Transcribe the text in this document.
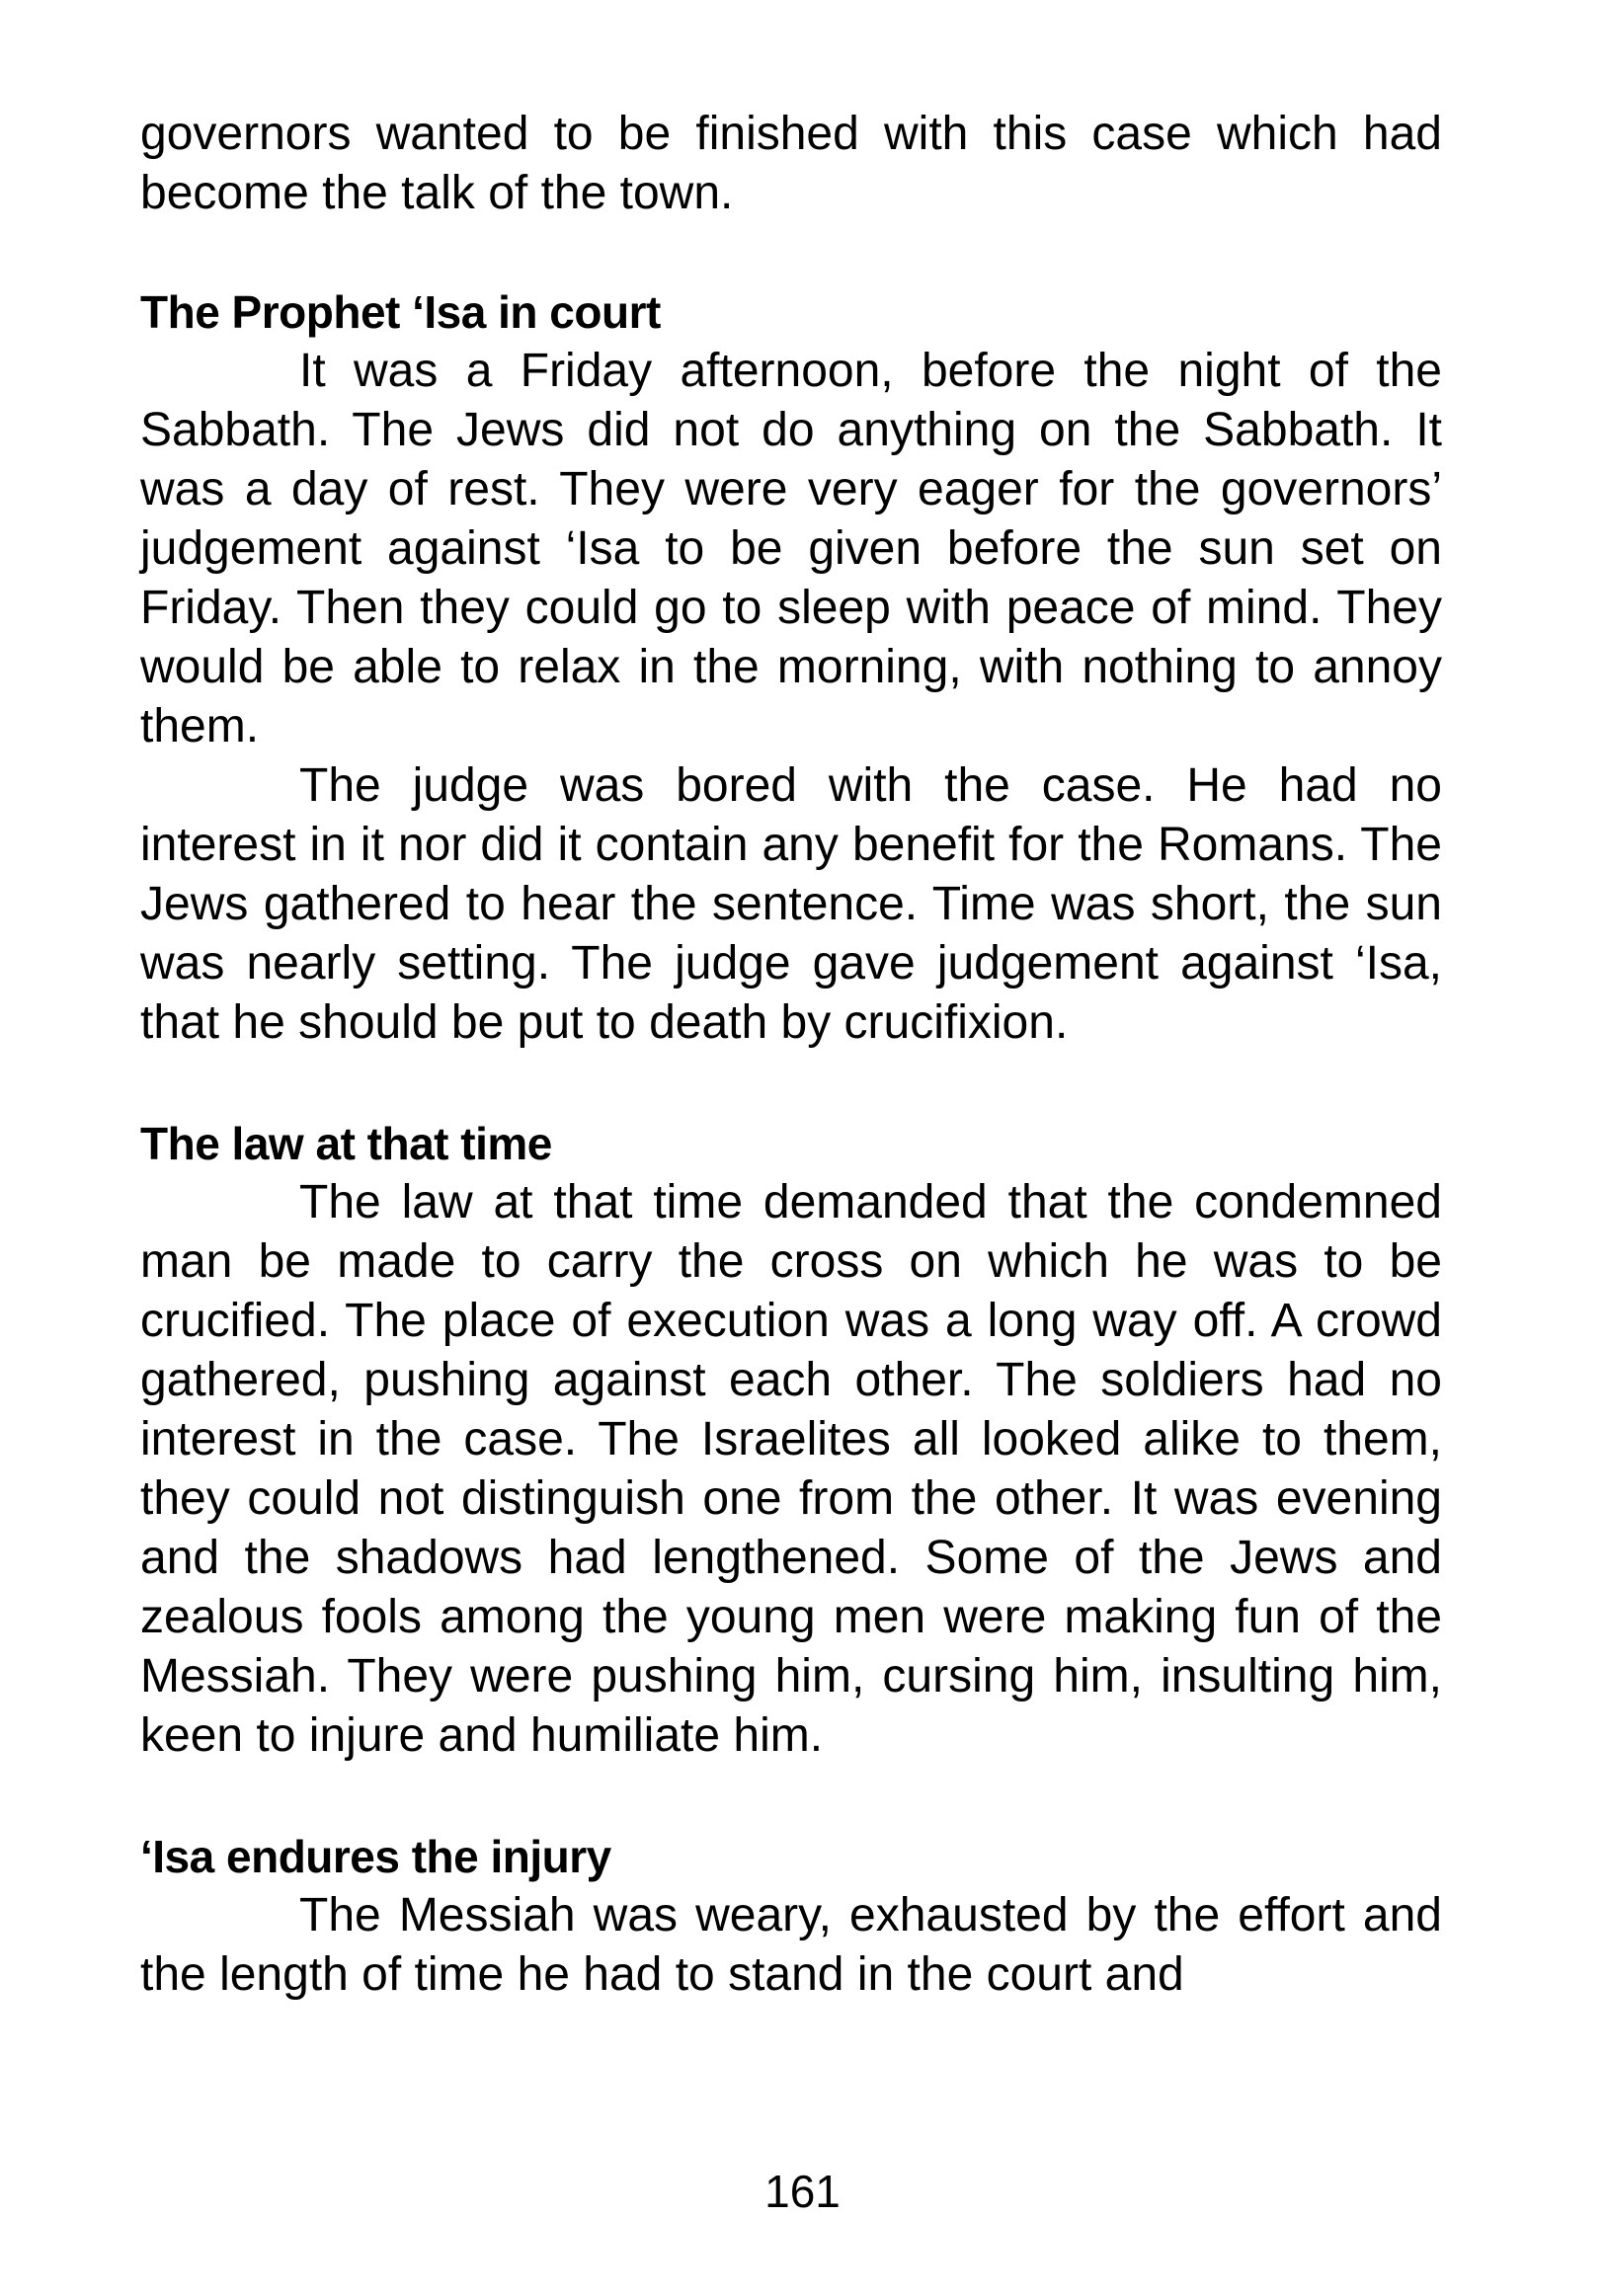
governors wanted to be finished with this case which had become the talk of the town.

The Prophet ‘Isa in court

It was a Friday afternoon, before the night of the Sabbath. The Jews did not do anything on the Sabbath. It was a day of rest. They were very eager for the governors’ judgement against ‘Isa to be given before the sun set on Friday. Then they could go to sleep with peace of mind. They would be able to relax in the morning, with nothing to annoy them.

The judge was bored with the case. He had no interest in it nor did it contain any benefit for the Romans. The Jews gathered to hear the sentence. Time was short, the sun was nearly setting. The judge gave judgement against ‘Isa, that he should be put to death by crucifixion.

The law at that time

The law at that time demanded that the condemned man be made to carry the cross on which he was to be crucified. The place of execution was a long way off. A crowd gathered, pushing against each other. The soldiers had no interest in the case. The Israelites all looked alike to them, they could not distinguish one from the other. It was evening and the shadows had lengthened. Some of the Jews and zealous fools among the young men were making fun of the Messiah. They were pushing him, cursing him, insulting him, keen to injure and humiliate him.

‘Isa endures the injury

The Messiah was weary, exhausted by the effort and the length of time he had to stand in the court and

161
